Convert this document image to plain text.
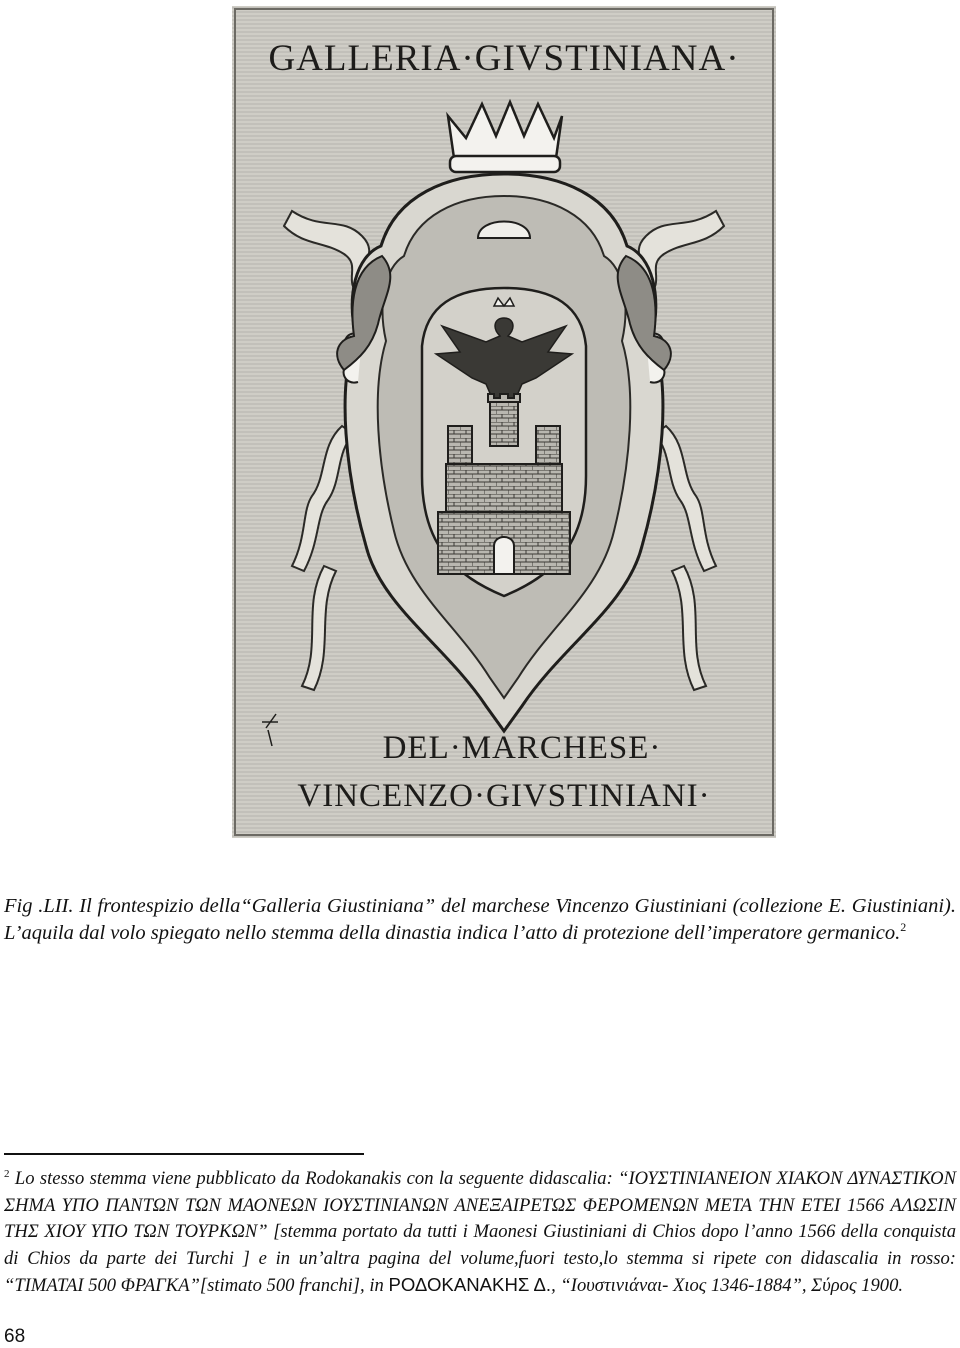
GALLERIA·GIVSTINIANA·
DEL·MARCHESE·
VINCENZO·GIVSTINIANI·
Fig .LII. Il frontespizio della“Galleria Giustiniana” del marchese Vincenzo Giustiniani (collezione E. Giustiniani). L’aquila dal volo spiegato nello stemma della dinastia indica l’atto di protezione dell’imperatore germanico.$^2$
$^2$ Lo stesso stemma viene pubblicato da Rodokanakis con la seguente didascalia: “ΙΟΥΣΤΙΝΙΑΝΕΙΟΝ ΧΙΑΚΟΝ ΔΥΝΑΣΤΙΚΟΝ ΣΗΜΑ ΥΠΟ ΠΑΝΤΩΝ ΤΩΝ ΜΑΟΝΕΩΝ ΙΟΥΣΤΙΝΙΑΝΩΝ ΑΝΕΞΑΙΡΕΤΩΣ ΦΕΡΟΜΕΝΩΝ ΜΕΤΑ ΤΗΝ ΕΤΕΙ 1566 ΑΛΩΣΙΝ ΤΗΣ ΧΙΟΥ ΥΠΟ ΤΩΝ ΤΟΥΡΚΩΝ” [stemma portato da tutti i Maonesi Giustiniani di Chios dopo l’anno 1566 della conquista di Chios da parte dei Turchi ] e in un’altra pagina del volume,fuori testo,lo stemma si ripete con didascalia in rosso: “ΤΙΜΑΤΑΙ 500 ΦΡΑΓΚΑ”[stimato 500 franchi], in ΡΟΔΟΚΑΝΑΚΗΣ Δ., “Ιουστινιάναι- Χιος 1346-1884”, Σύρος 1900.
68
